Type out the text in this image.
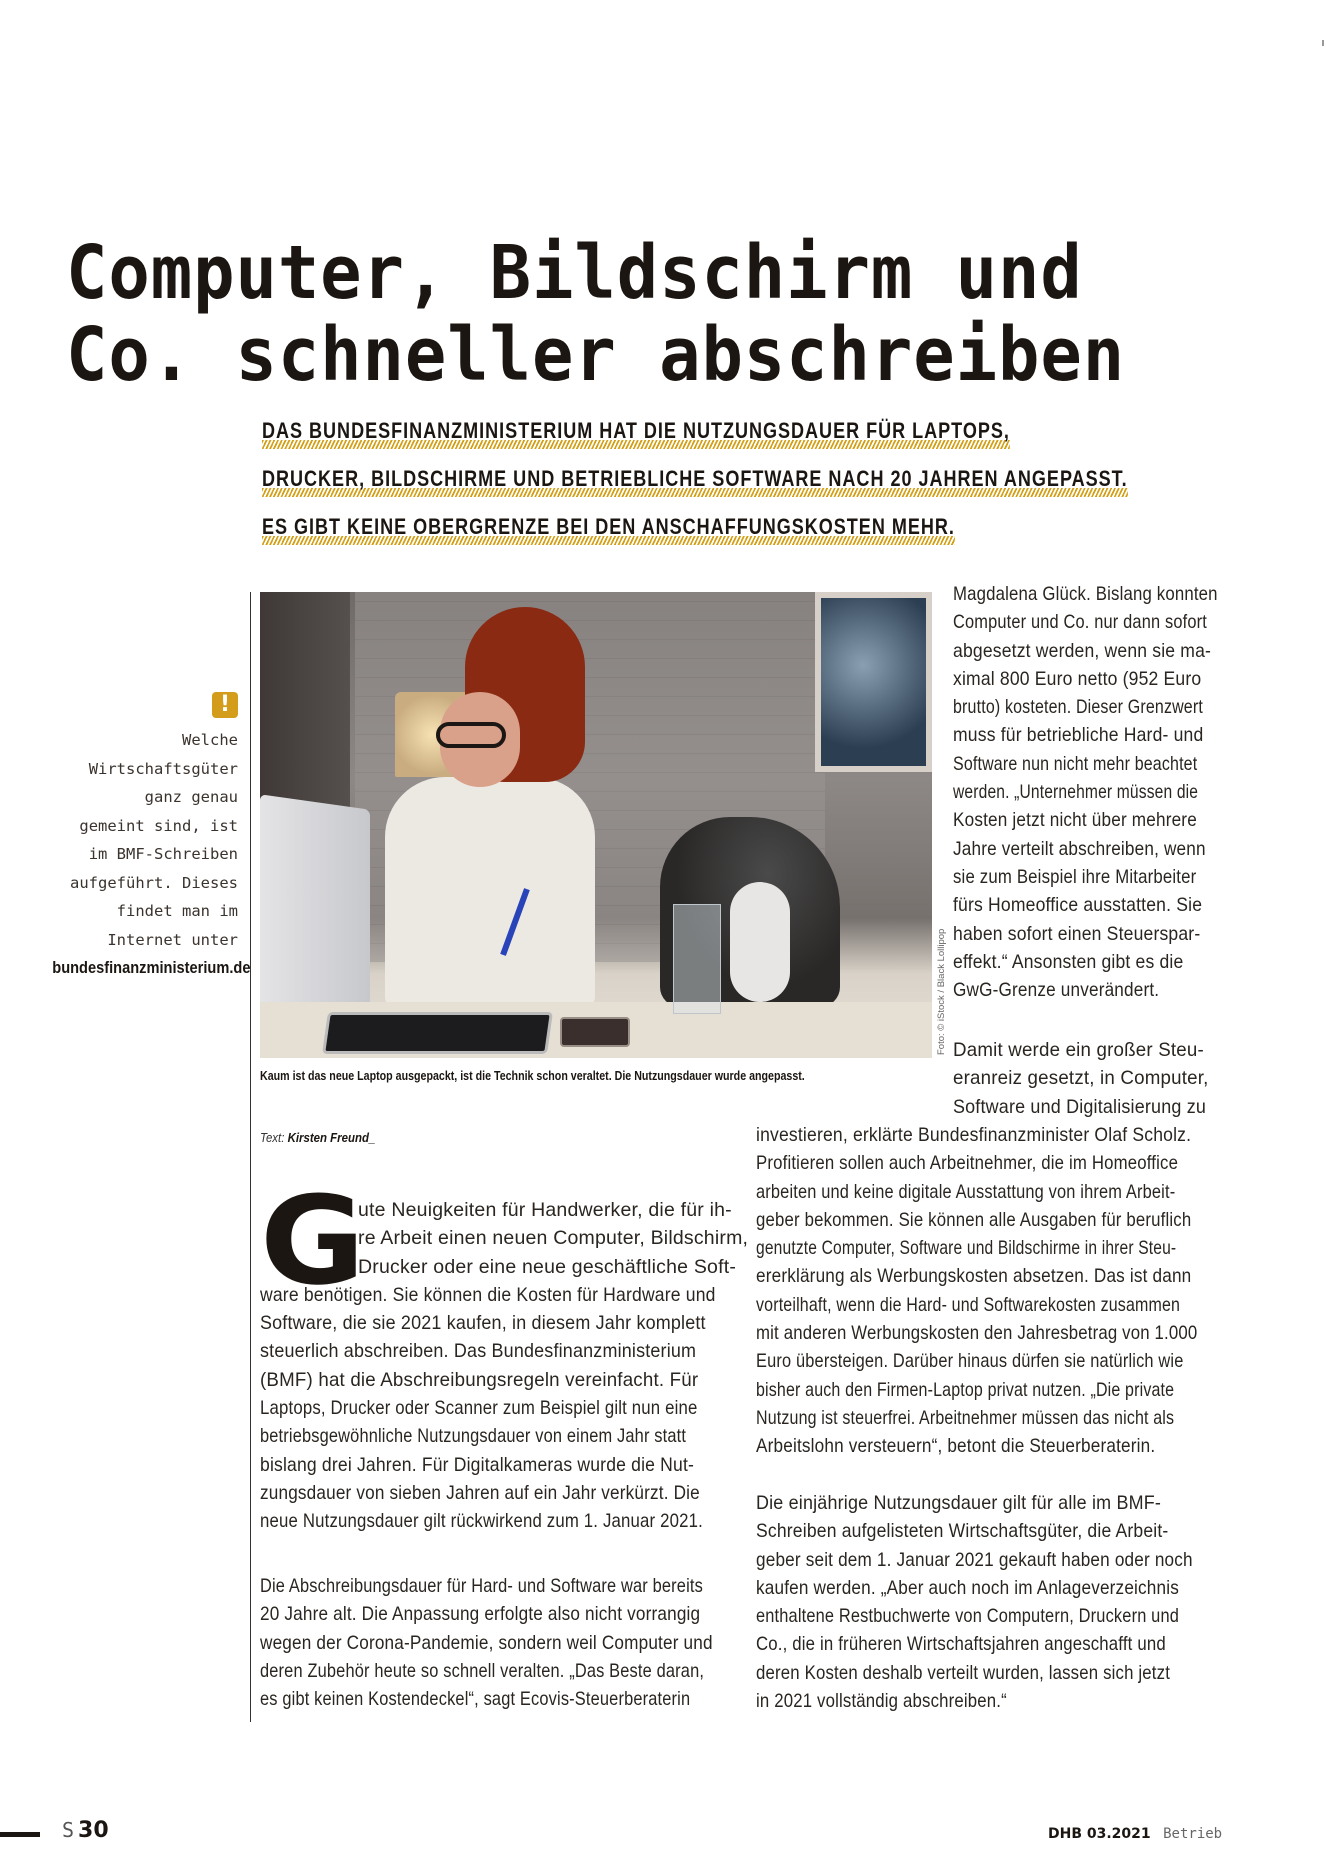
Computer, Bildschirm und
Co. schneller abschreiben
DAS BUNDESFINANZMINISTERIUM HAT DIE NUTZUNGSDAUER FÜR LAPTOPS,
DRUCKER, BILDSCHIRME UND BETRIEBLICHE SOFTWARE NACH 20 JAHREN ANGEPASST.
ES GIBT KEINE OBERGRENZE BEI DEN ANSCHAFFUNGSKOSTEN MEHR.
!
Welche
Wirtschaftsgüter
ganz genau
gemeint sind, ist
im BMF-Schreiben
aufgeführt. Dieses
findet man im
Internet unter
bundesfinanzministerium.de	Foto: © iStock / Black Lollipop
Kaum ist das neue Laptop ausgepackt, ist die Technik schon veraltet. Die Nutzungsdauer wurde angepasst.
Text: Kirsten Freund_
G
ute Neuigkeiten für Handwerker, die für ih-
re Arbeit einen neuen Computer, Bildschirm,
Drucker oder eine neue geschäftliche Soft-
ware benötigen. Sie können die Kosten für Hardware und
Software, die sie 2021 kaufen, in diesem Jahr komplett
steuerlich abschreiben. Das Bundesfinanzministerium
(BMF) hat die Abschreibungsregeln vereinfacht. Für
Laptops, Drucker oder Scanner zum Beispiel gilt nun eine
betriebsgewöhnliche Nutzungsdauer von einem Jahr statt
bislang drei Jahren. Für Digitalkameras wurde die Nut-
zungsdauer von sieben Jahren auf ein Jahr verkürzt. Die
neue Nutzungsdauer gilt rückwirkend zum 1. Januar 2021.
Die Abschreibungsdauer für Hard- und Software war bereits
20 Jahre alt. Die Anpassung erfolgte also nicht vorrangig
wegen der Corona-Pandemie, sondern weil Computer und
deren Zubehör heute so schnell veralten. „Das Beste daran,
es gibt keinen Kostendeckel“, sagt Ecovis-Steuerberaterin
Magdalena Glück. Bislang konnten
Computer und Co. nur dann sofort
abgesetzt werden, wenn sie ma-
ximal 800 Euro netto (952 Euro
brutto) kosteten. Dieser Grenzwert
muss für betriebliche Hard- und
Software nun nicht mehr beachtet
werden. „Unternehmer müssen die
Kosten jetzt nicht über mehrere
Jahre verteilt abschreiben, wenn
sie zum Beispiel ihre Mitarbeiter
fürs Homeoffice ausstatten. Sie
haben sofort einen Steuerspar-
effekt.“ Ansonsten gibt es die
GwG-Grenze unverändert.
Damit werde ein großer Steu-
eranreiz gesetzt, in Computer,
Software und Digitalisierung zu
investieren, erklärte Bundesfinanzminister Olaf Scholz.
Profitieren sollen auch Arbeitnehmer, die im Homeoffice
arbeiten und keine digitale Ausstattung von ihrem Arbeit-
geber bekommen. Sie können alle Ausgaben für beruflich
genutzte Computer, Software und Bildschirme in ihrer Steu-
ererklärung als Werbungskosten absetzen. Das ist dann
vorteilhaft, wenn die Hard- und Softwarekosten zusammen
mit anderen Werbungskosten den Jahresbetrag von 1.000
Euro übersteigen. Darüber hinaus dürfen sie natürlich wie
bisher auch den Firmen-Laptop privat nutzen. „Die private
Nutzung ist steuerfrei. Arbeitnehmer müssen das nicht als
Arbeitslohn versteuern“, betont die Steuerberaterin.
Die einjährige Nutzungsdauer gilt für alle im BMF-
Schreiben aufgelisteten Wirtschaftsgüter, die Arbeit-
geber seit dem 1. Januar 2021 gekauft haben oder noch
kaufen werden. „Aber auch noch im Anlageverzeichnis
enthaltene Restbuchwerte von Computern, Druckern und
Co., die in früheren Wirtschaftsjahren angeschafft und
deren Kosten deshalb verteilt wurden, lassen sich jetzt
in 2021 vollständig abschreiben.“
S 30	DHB 03.2021 Betrieb
